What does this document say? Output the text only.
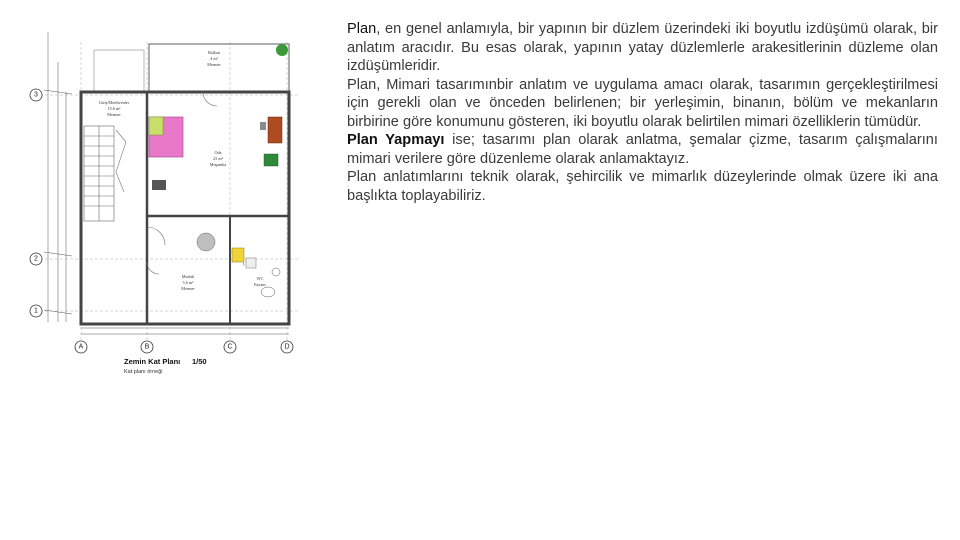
Balkon
4 m²
Mermer
Giriş/Merdivenler
15.6 m²
Mermer
Oda
25 m²
Muşamba
Mutfak
5.6 m²
Mermer
WC
Fayans
3
2
1
A	B	C	D
Zemin Kat Planı 1/50
Kat planı örneği

Plan, en genel anlamıyla, bir yapının bir düzlem üzerindeki iki boyutlu izdüşümü olarak, bir anlatım aracıdır. Bu esas olarak, yapının yatay düzlemlerle arakesitlerinin düzleme olan izdüşümleridir.

Plan, Mimari tasarımınbir anlatım ve uygulama amacı olarak, tasarımın gerçekleştirilmesi için gerekli olan ve önceden belirlenen; bir yerleşimin, binanın, bölüm ve mekanların birbirine göre konumunu gösteren, iki boyutlu olarak belirtilen mimari özelliklerin tümüdür.

Plan Yapmayı ise; tasarımı plan olarak anlatma, şemalar çizme, tasarım çalışmalarını mimari verilere göre düzenleme olarak anlamaktayız.

Plan anlatımlarını teknik olarak, şehircilik ve mimarlık düzeylerinde olmak üzere iki ana başlıkta toplayabiliriz.
